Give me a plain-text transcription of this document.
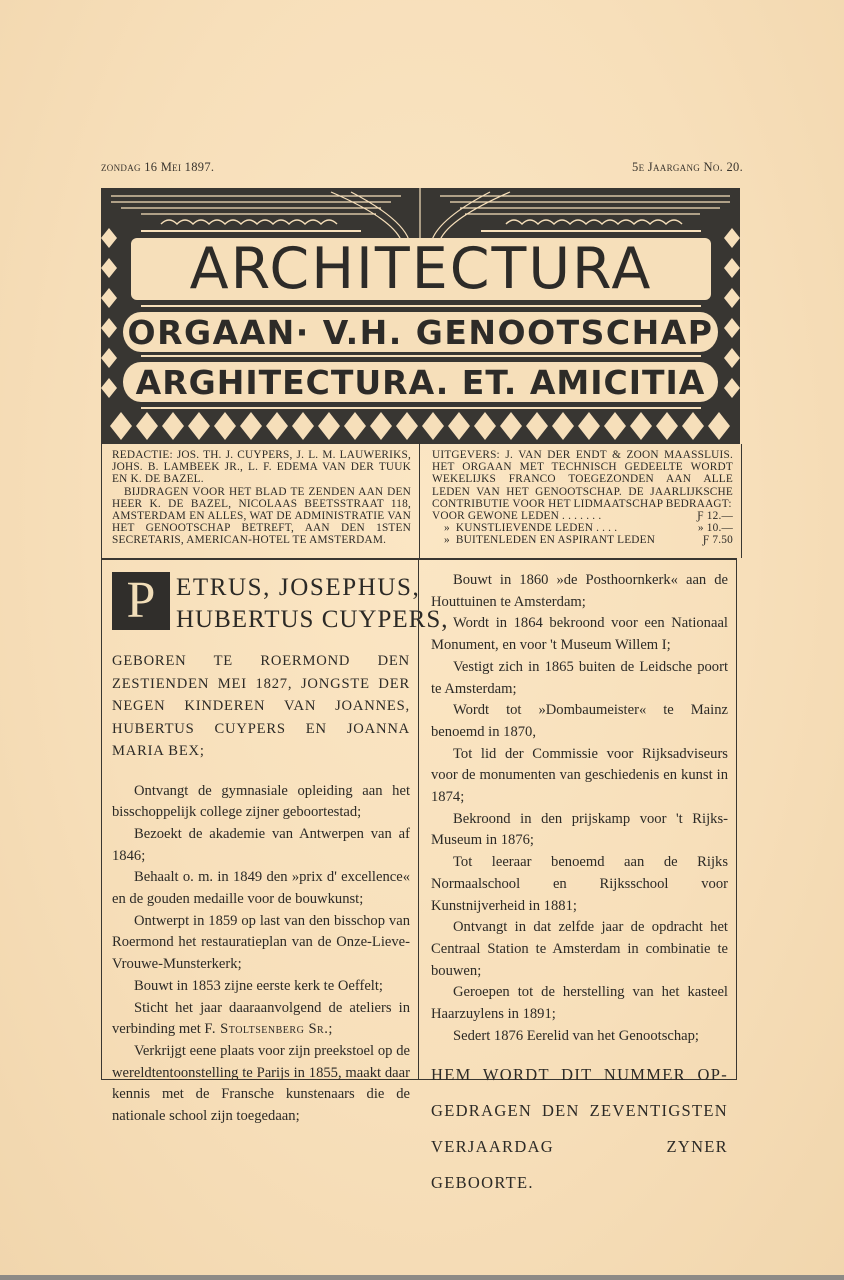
zondag 16 Mei 1897.	5e Jaargang No. 20.
ARCHITECTURA
ORGAAN· V.H. GENOOTSCHAP
ARGHITECTURA. ET. AMICITIA

REDACTIE: JOS. TH. J. CUYPERS, J. L. M. LAUWERIKS, JOHS. B. LAMBEEK JR., L. F. EDEMA VAN DER TUUK EN K. DE BAZEL.

BIJDRAGEN VOOR HET BLAD TE ZENDEN AAN DEN HEER K. DE BAZEL, NICOLAAS BEETSSTRAAT 118, AMSTERDAM EN ALLES, WAT DE ADMINISTRATIE VAN HET GENOOTSCHAP BETREFT, AAN DEN 1STEN SECRETARIS, AMERICAN-HOTEL TE AMSTERDAM.

UITGEVERS: J. VAN DER ENDT & ZOON MAASSLUIS. HET ORGAAN MET TECHNISCH GEDEELTE WORDT WEKELIJKS FRANCO TOEGEZONDEN AAN ALLE LEDEN VAN HET GENOOTSCHAP. DE JAARLIJKSCHE CONTRIBUTIE VOOR HET LIDMAATSCHAP BEDRAAGT:

VOOR GEWONE LEDEN . . . . . . .	Ƒ 12.—
» KUNSTLIEVENDE LEDEN . . . .	» 10.—
» BUITENLEDEN EN ASPIRANT LEDEN	Ƒ 7.50
P ETRUS, JOSEPHUS,
HUBERTUS CUYPERS,
GEBOREN TE ROERMOND DEN ZESTIENDEN MEI 1827, JONGSTE DER NEGEN KINDEREN VAN JOANNES, HUBERTUS CUYPERS EN JOANNA MARIA BEX;

Ontvangt de gymnasiale opleiding aan het bisschoppelijk college zijner geboortestad;

Bezoekt de akademie van Antwerpen van af 1846;

Behaalt o. m. in 1849 den »prix d' excellence« en de gouden medaille voor de bouwkunst;

Ontwerpt in 1859 op last van den bisschop van Roermond het restauratieplan van de Onze-Lieve-Vrouwe-Munsterkerk;

Bouwt in 1853 zijne eerste kerk te Oeffelt;

Sticht het jaar daaraanvolgend de ateliers in verbinding met F. Stoltsenberg Sr.;

Verkrijgt eene plaats voor zijn preekstoel op de wereldtentoonstelling te Parijs in 1855, maakt daar kennis met de Fransche kunstenaars die de nationale school zijn toegedaan;

Bouwt in 1860 »de Posthoornkerk« aan de Houttuinen te Amsterdam;

Wordt in 1864 bekroond voor een Nationaal Monument, en voor 't Museum Willem I;

Vestigt zich in 1865 buiten de Leidsche poort te Amsterdam;

Wordt tot »Dombaumeister« te Mainz benoemd in 1870,

Tot lid der Commissie voor Rijksadviseurs voor de monumenten van geschiedenis en kunst in 1874;

Bekroond in den prijskamp voor 't Rijks-Museum in 1876;

Tot leeraar benoemd aan de Rijks Normaalschool en Rijksschool voor Kunstnijverheid in 1881;

Ontvangt in dat zelfde jaar de opdracht het Centraal Station te Amsterdam in combinatie te bouwen;

Geroepen tot de herstelling van het kasteel Haarzuylens in 1891;

Sedert 1876 Eerelid van het Genootschap;

HEM WORDT DIT NUMMER OP-
GEDRAGEN DEN ZEVENTIGSTEN
VERJAARDAG ZYNER GEBOORTE.
